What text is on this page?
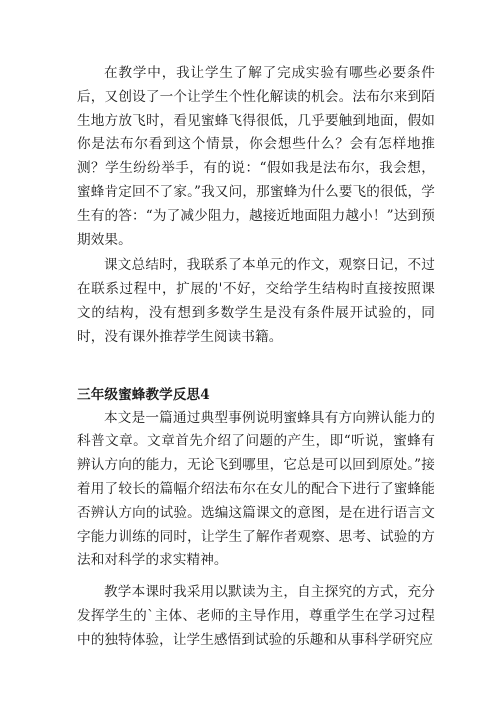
在教学中，我让学生了解了完成实验有哪些必要条件后，又创设了一个让学生个性化解读的机会。法布尔来到陌生地方放飞时，看见蜜蜂飞得很低，几乎要触到地面，假如你是法布尔看到这个情景，你会想些什么？会有怎样地推测？学生纷纷举手，有的说：“假如我是法布尔，我会想，蜜蜂肯定回不了家。”我又问，那蜜蜂为什么要飞的很低，学生有的答：“为了减少阻力，越接近地面阻力越小！”达到预期效果。

课文总结时，我联系了本单元的作文，观察日记，不过在联系过程中，扩展的'不好，交给学生结构时直接按照课文的结构，没有想到多数学生是没有条件展开试验的，同时，没有课外推荐学生阅读书籍。

三年级蜜蜂教学反思4

本文是一篇通过典型事例说明蜜蜂具有方向辨认能力的科普文章。文章首先介绍了问题的产生，即“听说，蜜蜂有辨认方向的能力，无论飞到哪里，它总是可以回到原处。”接着用了较长的篇幅介绍法布尔在女儿的配合下进行了蜜蜂能否辨认方向的试验。选编这篇课文的意图，是在进行语言文字能力训练的同时，让学生了解作者观察、思考、试验的方法和对科学的求实精神。

教学本课时我采用以默读为主，自主探究的方式，充分发挥学生的`主体、老师的主导作用，尊重学生在学习过程中的独特体验，让学生感悟到试验的乐趣和从事科学研究应
